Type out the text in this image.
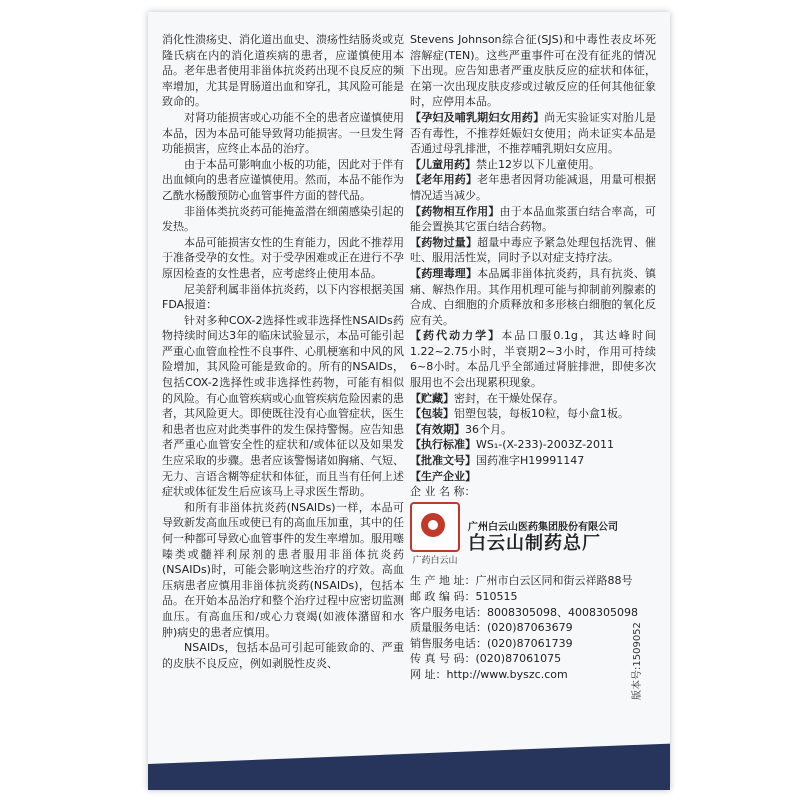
消化性溃疡史、消化道出血史、溃疡性结肠炎或克隆氏病在内的消化道疾病的患者，应谨慎使用本品。老年患者使用非甾体抗炎药出现不良反应的频率增加，尤其是胃肠道出血和穿孔，其风险可能是致命的。

对肾功能损害或心功能不全的患者应谨慎使用本品，因为本品可能导致肾功能损害。一旦发生肾功能损害，应终止本品的治疗。

由于本品可影响血小板的功能，因此对于伴有出血倾向的患者应谨慎使用。然而，本品不能作为乙酰水杨酸预防心血管事件方面的替代品。

非甾体类抗炎药可能掩盖潜在细菌感染引起的发热。

本品可能损害女性的生育能力，因此不推荐用于准备受孕的女性。对于受孕困难或正在进行不孕原因检查的女性患者，应考虑终止使用本品。

尼美舒利属非甾体抗炎药，以下内容根据美国FDA报道：

针对多种COX-2选择性或非选择性NSAIDs药物持续时间达3年的临床试验显示，本品可能引起严重心血管血栓性不良事件、心肌梗塞和中风的风险增加，其风险可能是致命的。所有的NSAIDs，包括COX-2选择性或非选择性药物，可能有相似的风险。有心血管疾病或心血管疾病危险因素的患者，其风险更大。即使既往没有心血管症状，医生和患者也应对此类事件的发生保持警惕。应告知患者严重心血管安全性的症状和/或体征以及如果发生应采取的步骤。患者应该警惕诸如胸痛、气短、无力、言语含糊等症状和体征，而且当有任何上述症状或体征发生后应该马上寻求医生帮助。

和所有非甾体抗炎药(NSAIDs)一样，本品可导致新发高血压或使已有的高血压加重，其中的任何一种都可导致心血管事件的发生率增加。服用噻嗪类或髓袢利尿剂的患者服用非甾体抗炎药(NSAIDs)时，可能会影响这些治疗的疗效。高血压病患者应慎用非甾体抗炎药(NSAIDs)，包括本品。在开始本品治疗和整个治疗过程中应密切监测血压。有高血压和/或心力衰竭(如液体潴留和水肿)病史的患者应慎用。

NSAIDs，包括本品可引起可能致命的、严重的皮肤不良反应，例如剥脱性皮炎、

Stevens Johnson综合征(SJS)和中毒性表皮坏死溶解症(TEN)。这些严重事件可在没有征兆的情况下出现。应告知患者严重皮肤反应的症状和体征，在第一次出现皮肤皮疹或过敏反应的任何其他征象时，应停用本品。

【孕妇及哺乳期妇女用药】尚无实验证实对胎儿是否有毒性，不推荐妊娠妇女使用；尚未证实本品是否通过母乳排泄，不推荐哺乳期妇女应用。

【儿童用药】禁止12岁以下儿童使用。

【老年用药】老年患者因肾功能减退，用量可根据情况适当减少。

【药物相互作用】由于本品血浆蛋白结合率高，可能会置换其它蛋白结合药物。

【药物过量】超量中毒应予紧急处理包括洗胃、催吐、服用活性炭，同时予以对症支持疗法。

【药理毒理】本品属非甾体抗炎药，具有抗炎、镇痛、解热作用。其作用机理可能与抑制前列腺素的合成、白细胞的介质释放和多形核白细胞的氧化反应有关。

【药代动力学】本品口服0.1g，其达峰时间1.22~2.75小时，半衰期2~3小时，作用可持续6~8小时。本品几乎全部通过肾脏排泄，即使多次服用也不会出现累积现象。

【贮藏】密封，在干燥处保存。

【包装】铝塑包装，每板10粒，每小盒1板。

【有效期】36个月。

【执行标准】WS₁-(X-233)-2003Z-2011

【批准文号】国药准字H19991147

【生产企业】

企 业 名 称：

广药白云山
广州白云山医药集团股份有限公司
白云山制药总厂

生 产 地 址：广州市白云区同和街云祥路88号

邮 政 编 码：510515

客户服务电话：8008305098、4008305098

质量服务电话：(020)87063679

销售服务电话：(020)87061739

传 真 号 码：(020)87061075

网 址：http://www.byszc.com	版本号:1509052
